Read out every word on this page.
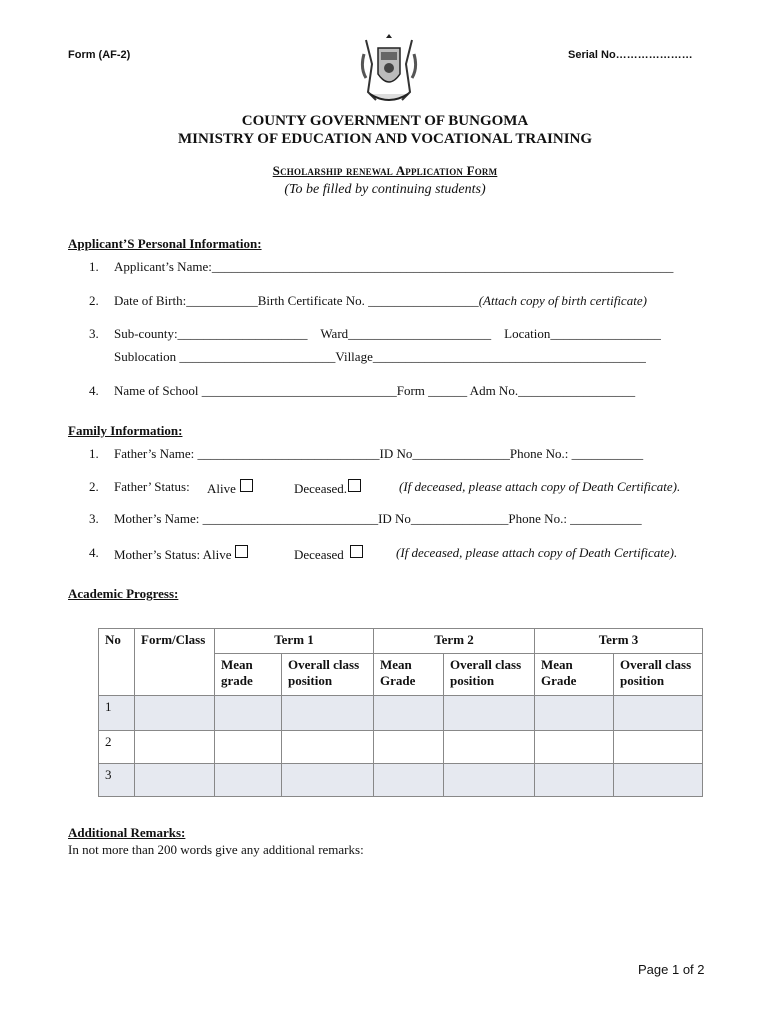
Form (AF-2)	Serial No…………………
COUNTY GOVERNMENT OF BUNGOMA
MINISTRY OF EDUCATION AND VOCATIONAL TRAINING
Scholarship renewal Application Form
(To be filled by continuing students)
Applicant’S Personal Information:
1. Applicant’s Name:_______________________________________________________________________
2. Date of Birth:___________Birth Certificate No. _________________(Attach copy of birth certificate)
3. Sub-county:____________________    Ward______________________    Location_________________
Sublocation ________________________Village__________________________________________
4. Name of School ______________________________Form ______ Adm No.__________________
Family Information:
1. Father’s Name: ____________________________ID No_______________Phone No.: ___________
2. Father’ Status: Alive	Deceased.	(If deceased, please attach copy of Death Certificate).
3. Mother’s Name: ___________________________ID No_______________Phone No.: ___________
4. Mother’s Status: Alive	Deceased	(If deceased, please attach copy of Death Certificate).
Academic Progress:
No	Form/Class	Term 1		Term 2		Term 3	
		Mean grade	Overall class position	Mean Grade	Overall class position	Mean Grade	Overall class position
1							
2							
3							
Additional Remarks:
In not more than 200 words give any additional remarks:
Page 1 of 2
